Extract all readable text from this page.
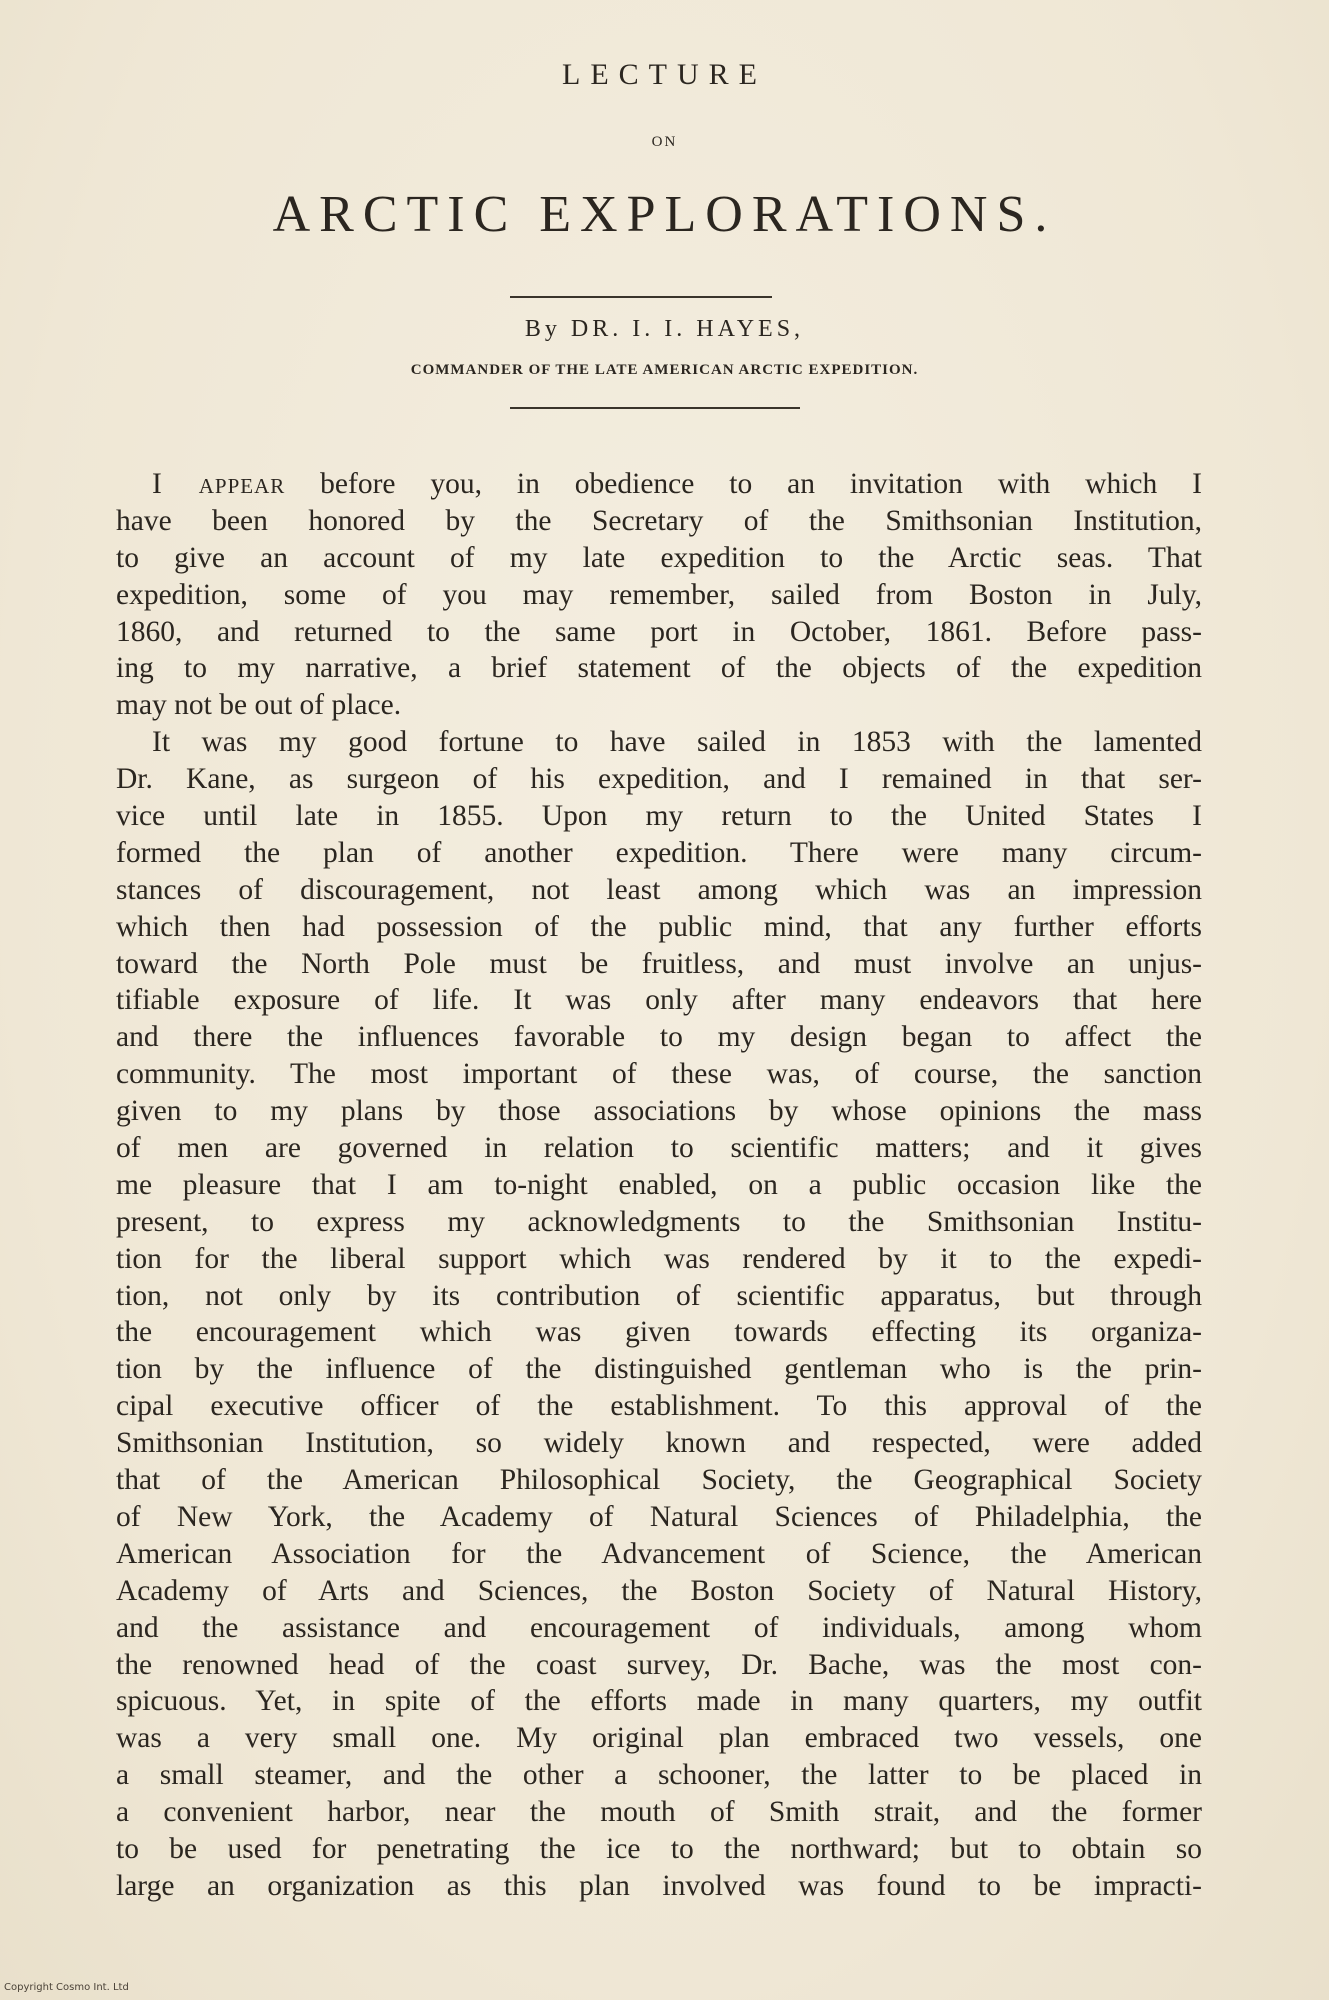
LECTURE
ON
ARCTIC EXPLORATIONS.
By DR. I. I. HAYES,
COMMANDER OF THE LATE AMERICAN ARCTIC EXPEDITION.
I appear before you, in obedience to an invitation with which I
have been honored by the Secretary of the Smithsonian Institution,
to give an account of my late expedition to the Arctic seas. That
expedition, some of you may remember, sailed from Boston in July,
1860, and returned to the same port in October, 1861. Before pass-
ing to my narrative, a brief statement of the objects of the expedition
may not be out of place.
It was my good fortune to have sailed in 1853 with the lamented
Dr. Kane, as surgeon of his expedition, and I remained in that ser-
vice until late in 1855. Upon my return to the United States I
formed the plan of another expedition. There were many circum-
stances of discouragement, not least among which was an impression
which then had possession of the public mind, that any further efforts
toward the North Pole must be fruitless, and must involve an unjus-
tifiable exposure of life. It was only after many endeavors that here
and there the influences favorable to my design began to affect the
community. The most important of these was, of course, the sanction
given to my plans by those associations by whose opinions the mass
of men are governed in relation to scientific matters; and it gives
me pleasure that I am to-night enabled, on a public occasion like the
present, to express my acknowledgments to the Smithsonian Institu-
tion for the liberal support which was rendered by it to the expedi-
tion, not only by its contribution of scientific apparatus, but through
the encouragement which was given towards effecting its organiza-
tion by the influence of the distinguished gentleman who is the prin-
cipal executive officer of the establishment. To this approval of the
Smithsonian Institution, so widely known and respected, were added
that of the American Philosophical Society, the Geographical Society
of New York, the Academy of Natural Sciences of Philadelphia, the
American Association for the Advancement of Science, the American
Academy of Arts and Sciences, the Boston Society of Natural History,
and the assistance and encouragement of individuals, among whom
the renowned head of the coast survey, Dr. Bache, was the most con-
spicuous. Yet, in spite of the efforts made in many quarters, my outfit
was a very small one. My original plan embraced two vessels, one
a small steamer, and the other a schooner, the latter to be placed in
a convenient harbor, near the mouth of Smith strait, and the former
to be used for penetrating the ice to the northward; but to obtain so
large an organization as this plan involved was found to be impracti-
Copyright Cosmo Int. Ltd
